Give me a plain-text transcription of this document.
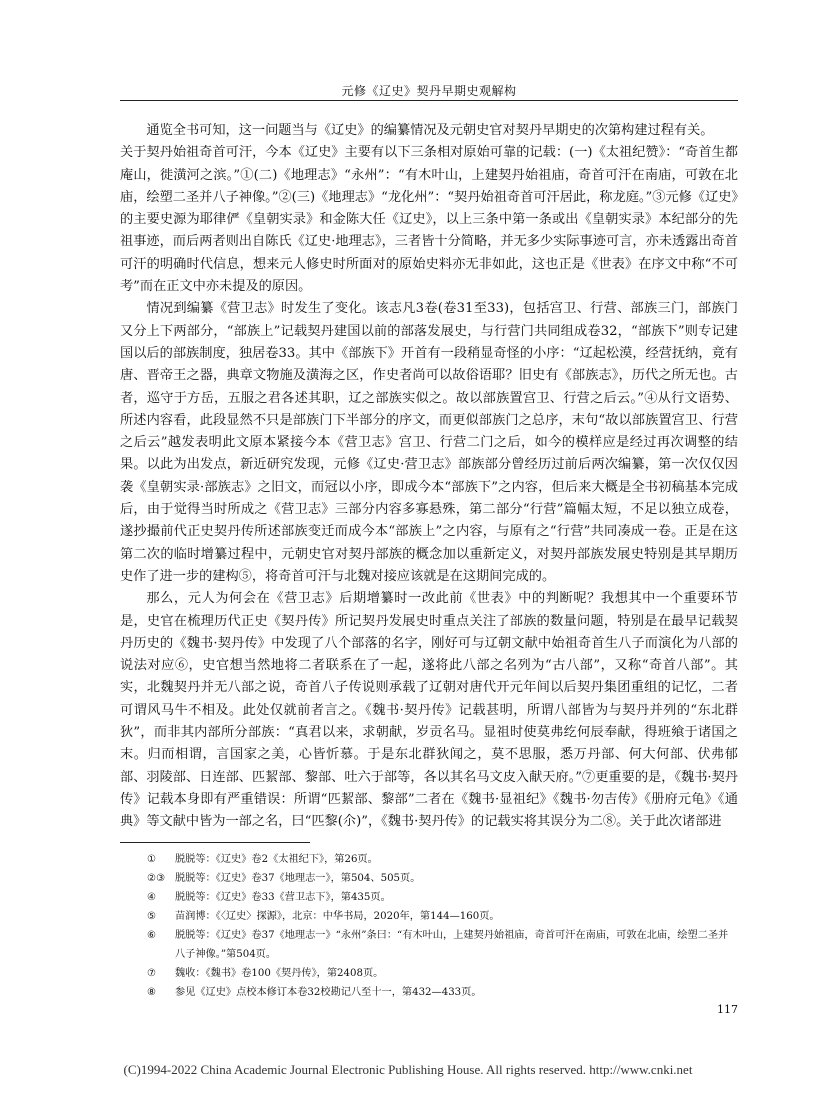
元修《辽史》契丹早期史观解构

通览全书可知，这一问题当与《辽史》的编纂情况及元朝史官对契丹早期史的次第构建过程有关。

关于契丹始祖奇首可汗，今本《辽史》主要有以下三条相对原始可靠的记载：(一)《太祖纪赞》：“奇首生都庵山，徙潢河之滨。”①(二)《地理志》“永州”：“有木叶山，上建契丹始祖庙，奇首可汗在南庙，可敦在北庙，绘塑二圣并八子神像。”②(三)《地理志》“龙化州”：“契丹始祖奇首可汗居此，称龙庭。”③元修《辽史》的主要史源为耶律俨《皇朝实录》和金陈大任《辽史》，以上三条中第一条或出《皇朝实录》本纪部分的先祖事迹，而后两者则出自陈氏《辽史·地理志》，三者皆十分简略，并无多少实际事迹可言，亦未透露出奇首可汗的明确时代信息，想来元人修史时所面对的原始史料亦无非如此，这也正是《世表》在序文中称“不可考”而在正文中亦未提及的原因。

情况到编纂《营卫志》时发生了变化。该志凡3卷(卷31至33)，包括宫卫、行营、部族三门，部族门又分上下两部分，“部族上”记载契丹建国以前的部落发展史，与行营门共同组成卷32，“部族下”则专记建国以后的部族制度，独居卷33。其中《部族下》开首有一段稍显奇怪的小序：“辽起松漠，经营抚纳，竟有唐、晋帝王之器，典章文物施及潢海之区，作史者尚可以故俗语耶？旧史有《部族志》，历代之所无也。古者，巡守于方岳，五服之君各述其职，辽之部族实似之。故以部族置宫卫、行营之后云。”④从行文语势、所述内容看，此段显然不只是部族门下半部分的序文，而更似部族门之总序，末句“故以部族置宫卫、行营之后云”越发表明此文原本紧接今本《营卫志》宫卫、行营二门之后，如今的模样应是经过再次调整的结果。以此为出发点，新近研究发现，元修《辽史·营卫志》部族部分曾经历过前后两次编纂，第一次仅仅因袭《皇朝实录·部族志》之旧文，而冠以小序，即成今本“部族下”之内容，但后来大概是全书初稿基本完成后，由于觉得当时所成之《营卫志》三部分内容多寡悬殊，第二部分“行营”篇幅太短，不足以独立成卷，遂抄撮前代正史契丹传所述部族变迁而成今本“部族上”之内容，与原有之“行营”共同凑成一卷。正是在这第二次的临时增纂过程中，元朝史官对契丹部族的概念加以重新定义，对契丹部族发展史特别是其早期历史作了进一步的建构⑤，将奇首可汗与北魏对接应该就是在这期间完成的。

那么，元人为何会在《营卫志》后期增纂时一改此前《世表》中的判断呢？我想其中一个重要环节是，史官在梳理历代正史《契丹传》所记契丹发展史时重点关注了部族的数量问题，特别是在最早记载契丹历史的《魏书·契丹传》中发现了八个部落的名字，刚好可与辽朝文献中始祖奇首生八子而演化为八部的说法对应⑥，史官想当然地将二者联系在了一起，遂将此八部之名列为“古八部”，又称“奇首八部”。其实，北魏契丹并无八部之说，奇首八子传说则承载了辽朝对唐代开元年间以后契丹集团重组的记忆，二者可谓风马牛不相及。此处仅就前者言之。《魏书·契丹传》记载甚明，所谓八部皆为与契丹并列的“东北群狄”，而非其内部所分部族：“真君以来，求朝献，岁贡名马。显祖时使莫弗纥何辰奉献，得班飨于诸国之末。归而相谓，言国家之美，心皆忻慕。于是东北群狄闻之，莫不思服，悉万丹部、何大何部、伏弗郁部、羽陵部、日连部、匹絜部、黎部、吐六于部等，各以其名马文皮入献天府。”⑦更重要的是，《魏书·契丹传》记载本身即有严重错误：所谓“匹絜部、黎部”二者在《魏书·显祖纪》《魏书·勿吉传》《册府元龟》《通典》等文献中皆为一部之名，曰“匹黎(尒)”，《魏书·契丹传》的记载实将其误分为二⑧。关于此次诸部进

①	脱脱等：《辽史》卷2《太祖纪下》，第26页。
②③ 脱脱等：《辽史》卷37《地理志一》，第504、505页。
④	脱脱等：《辽史》卷33《营卫志下》，第435页。
⑤	苗润博：《〈辽史〉探源》，北京：中华书局，2020年，第144—160页。
⑥	脱脱等：《辽史》卷37《地理志一》“永州”条曰：“有木叶山，上建契丹始祖庙，奇首可汗在南庙，可敦在北庙，绘塑二圣并八子神像。”第504页。
⑦	魏收：《魏书》卷100《契丹传》，第2408页。
⑧	参见《辽史》点校本修订本卷32校勘记八至十一，第432—433页。
117
(C)1994-2022 China Academic Journal Electronic Publishing House. All rights reserved. http://www.cnki.net
